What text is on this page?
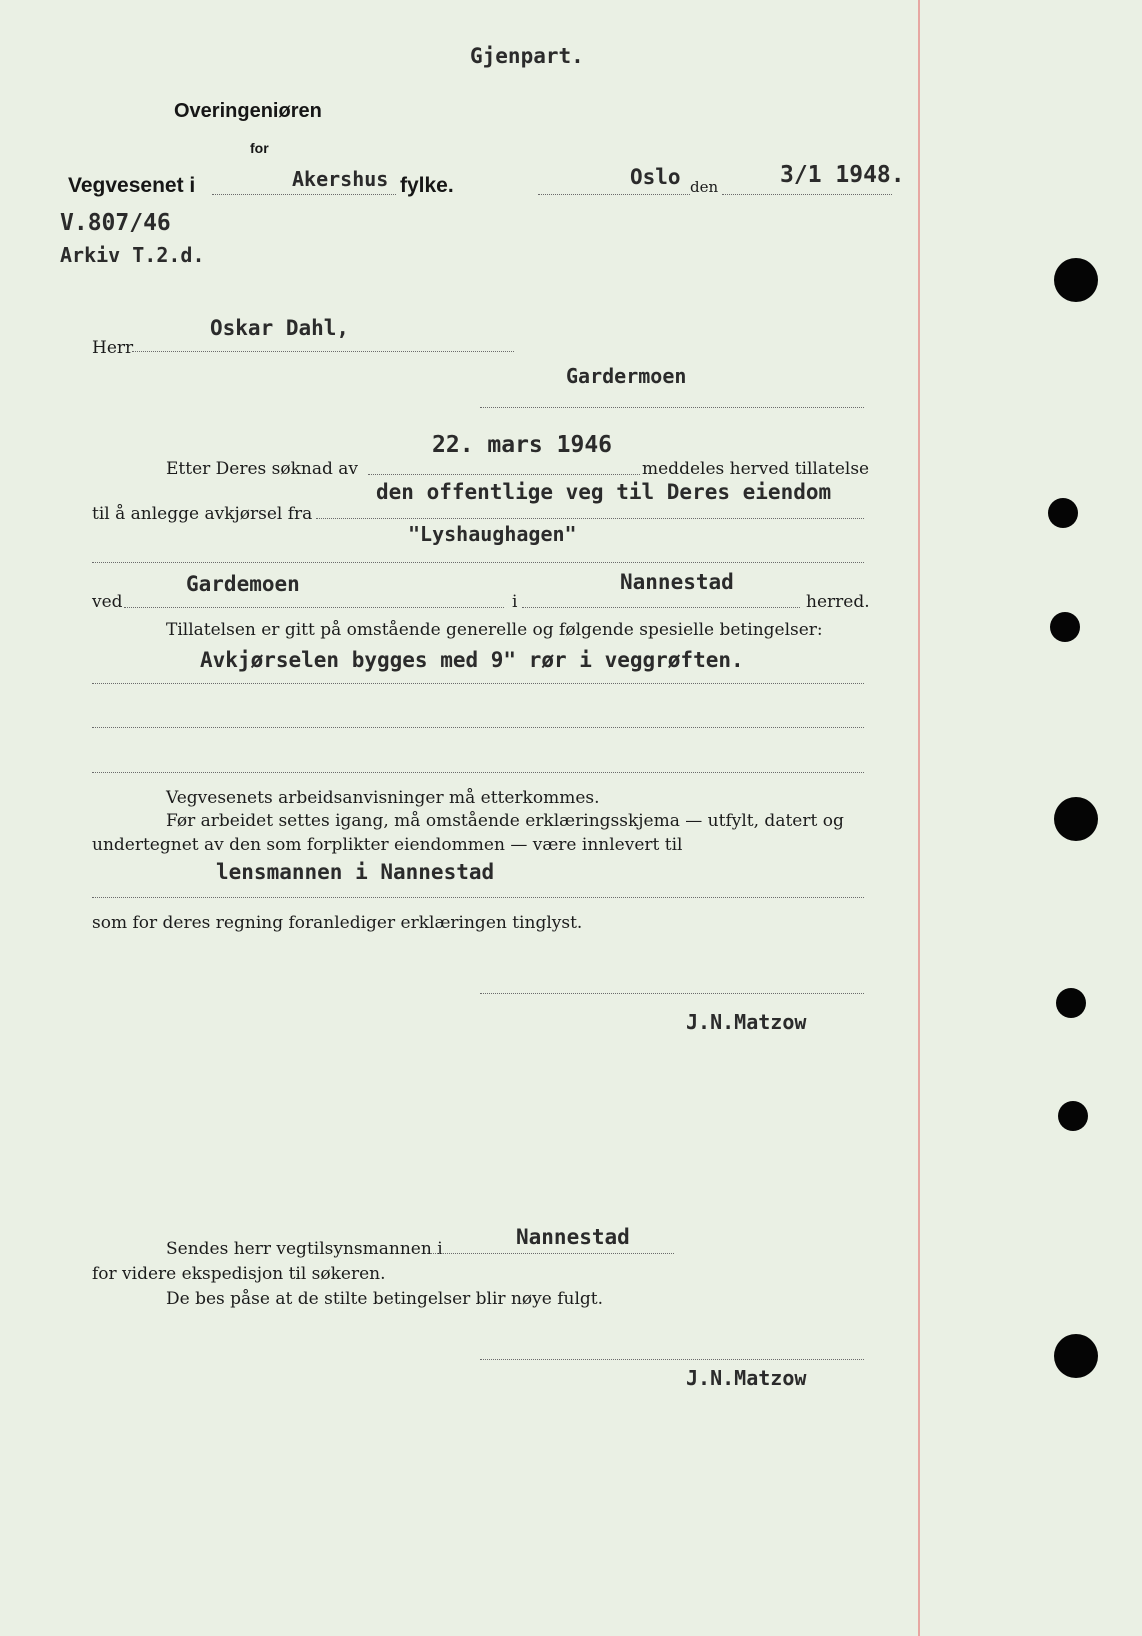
Gjenpart.
Overingeniøren
for
Vegvesenet i	Akershus fylke.	Oslo den	3/1 1948.
V.807/46
Arkiv T.2.d.
Herr
Oskar Dahl,
Gardermoen
22. mars 1946
Etter Deres søknad av	meddeles herved tillatelse
den offentlige veg til Deres eiendom
til å anlegge avkjørsel fra
"Lyshaughagen"
Gardemoen	Nannestad
ved	i	herred.
Tillatelsen er gitt på omstående generelle og følgende spesielle betingelser:
Avkjørselen bygges med 9" rør i veggrøften.
Vegvesenets arbeidsanvisninger må etterkommes.
Før arbeidet settes igang, må omstående erklæringsskjema — utfylt, datert og
undertegnet av den som forplikter eiendommen — være innlevert til
lensmannen i Nannestad
som for deres regning foranlediger erklæringen tinglyst.
J.N.Matzow
Nannestad
Sendes herr vegtilsynsmannen i
for videre ekspedisjon til søkeren.
De bes påse at de stilte betingelser blir nøye fulgt.
J.N.Matzow
